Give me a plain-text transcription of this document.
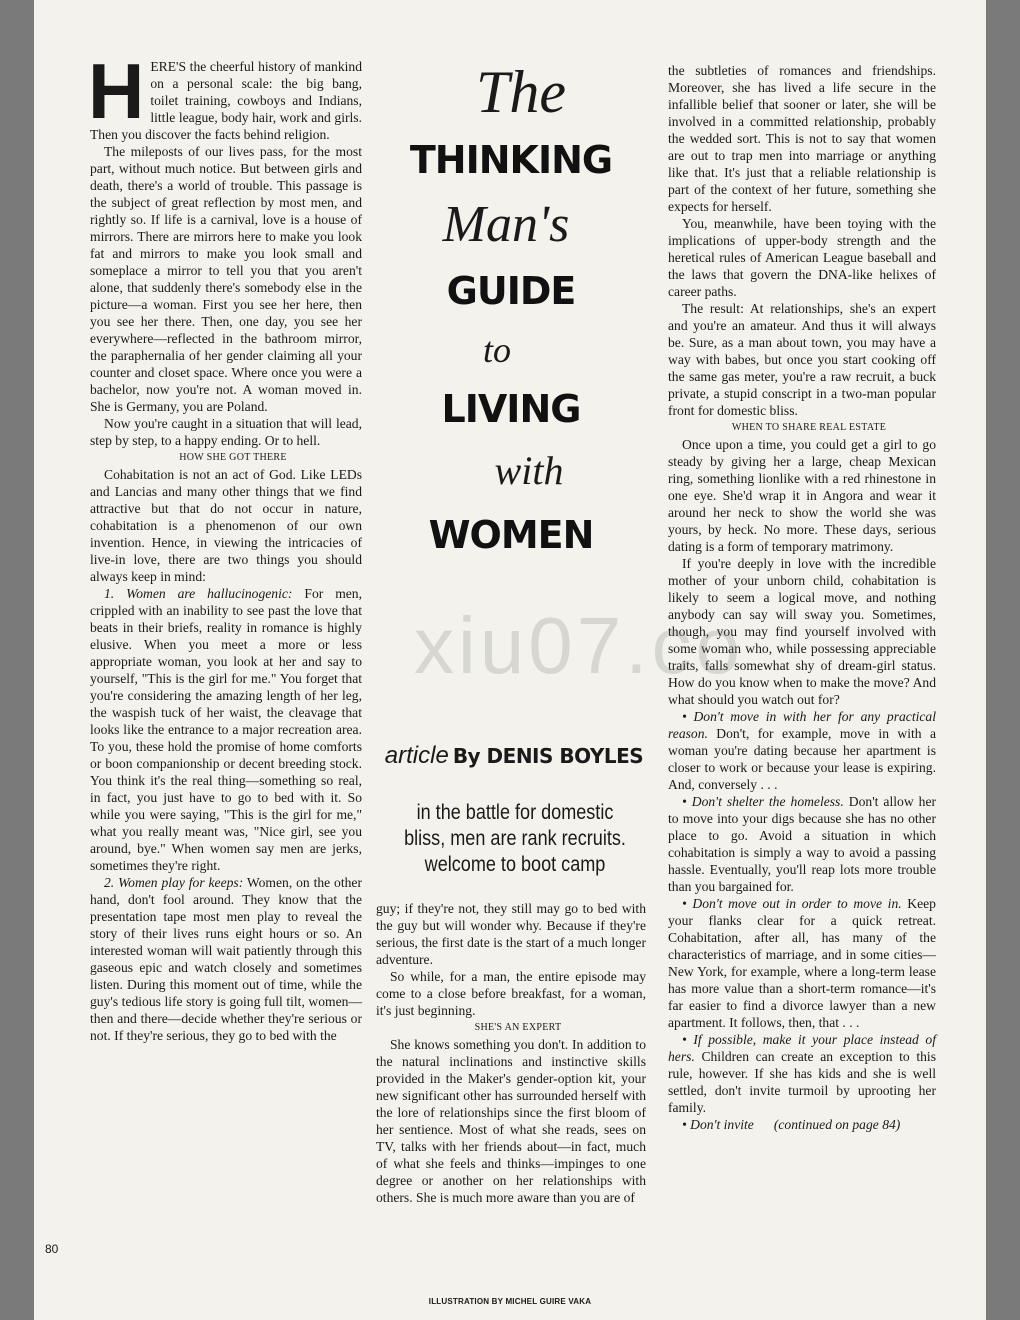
HERE'S the cheerful history of mankind on a personal scale: the big bang, toilet training, cowboys and Indians, little league, body hair, work and girls. Then you discover the facts behind religion.

The mileposts of our lives pass, for the most part, without much notice. But between girls and death, there's a world of trouble. This passage is the subject of great reflection by most men, and rightly so. If life is a carnival, love is a house of mirrors. There are mirrors here to make you look fat and mirrors to make you look small and someplace a mirror to tell you that you aren't alone, that suddenly there's somebody else in the picture—a woman. First you see her here, then you see her there. Then, one day, you see her everywhere—reflected in the bathroom mirror, the paraphernalia of her gender claiming all your counter and closet space. Where once you were a bachelor, now you're not. A woman moved in. She is Germany, you are Poland.

Now you're caught in a situation that will lead, step by step, to a happy ending. Or to hell.

HOW SHE GOT THERE

Cohabitation is not an act of God. Like LEDs and Lancias and many other things that we find attractive but that do not occur in nature, cohabitation is a phenomenon of our own invention. Hence, in viewing the intricacies of live-in love, there are two things you should always keep in mind:

1. Women are hallucinogenic: For men, crippled with an inability to see past the love that beats in their briefs, reality in romance is highly elusive. When you meet a more or less appropriate woman, you look at her and say to yourself, "This is the girl for me." You forget that you're considering the amazing length of her leg, the waspish tuck of her waist, the cleavage that looks like the entrance to a major recreation area. To you, these hold the promise of home comforts or boon companionship or decent breeding stock. You think it's the real thing—something so real, in fact, you just have to go to bed with it. So while you were saying, "This is the girl for me," what you really meant was, "Nice girl, see you around, bye." When women say men are jerks, sometimes they're right.

2. Women play for keeps: Women, on the other hand, don't fool around. They know that the presentation tape most men play to reveal the story of their lives runs eight hours or so. An interested woman will wait patiently through this gaseous epic and watch closely and sometimes listen. During this moment out of time, while the guy's tedious life story is going full tilt, women—then and there—decide whether they're serious or not. If they're serious, they go to bed with the

The
THINKING
Man's
GUIDE
to
LIVING
with
WOMEN
article By DENIS BOYLES
in the battle for domestic bliss, men are rank recruits. welcome to boot camp

guy; if they're not, they still may go to bed with the guy but will wonder why. Because if they're serious, the first date is the start of a much longer adventure.

So while, for a man, the entire episode may come to a close before breakfast, for a woman, it's just beginning.

SHE'S AN EXPERT

She knows something you don't. In addition to the natural inclinations and instinctive skills provided in the Maker's gender-option kit, your new significant other has surrounded herself with the lore of relationships since the first bloom of her sentience. Most of what she reads, sees on TV, talks with her friends about—in fact, much of what she feels and thinks—impinges to one degree or another on her relationships with others. She is much more aware than you are of

the subtleties of romances and friendships. Moreover, she has lived a life secure in the infallible belief that sooner or later, she will be involved in a committed relationship, probably the wedded sort. This is not to say that women are out to trap men into marriage or anything like that. It's just that a reliable relationship is part of the context of her future, something she expects for herself.

You, meanwhile, have been toying with the implications of upper-body strength and the heretical rules of American League baseball and the laws that govern the DNA-like helixes of career paths.

The result: At relationships, she's an expert and you're an amateur. And thus it will always be. Sure, as a man about town, you may have a way with babes, but once you start cooking off the same gas meter, you're a raw recruit, a buck private, a stupid conscript in a two-man popular front for domestic bliss.

WHEN TO SHARE REAL ESTATE

Once upon a time, you could get a girl to go steady by giving her a large, cheap Mexican ring, something lionlike with a red rhinestone in one eye. She'd wrap it in Angora and wear it around her neck to show the world she was yours, by heck. No more. These days, serious dating is a form of temporary matrimony.

If you're deeply in love with the incredible mother of your unborn child, cohabitation is likely to seem a logical move, and nothing anybody can say will sway you. Sometimes, though, you may find yourself involved with some woman who, while possessing appreciable traits, falls somewhat shy of dream-girl status. How do you know when to make the move? And what should you watch out for?

• Don't move in with her for any practical reason. Don't, for example, move in with a woman you're dating because her apartment is closer to work or because your lease is expiring. And, conversely . . .

• Don't shelter the homeless. Don't allow her to move into your digs because she has no other place to go. Avoid a situation in which cohabitation is simply a way to avoid a passing hassle. Eventually, you'll reap lots more trouble than you bargained for.

• Don't move out in order to move in. Keep your flanks clear for a quick retreat. Cohabitation, after all, has many of the characteristics of marriage, and in some cities—New York, for example, where a long-term lease has more value than a short-term romance—it's far easier to find a divorce lawyer than a new apartment. It follows, then, that . . .

• If possible, make it your place instead of hers. Children can create an exception to this rule, however. If she has kids and she is well settled, don't invite turmoil by uprooting her family.

• Don't invite (continued on page 84)

xiu07.co
80
ILLUSTRATION BY MICHEL GUIRE VAKA
